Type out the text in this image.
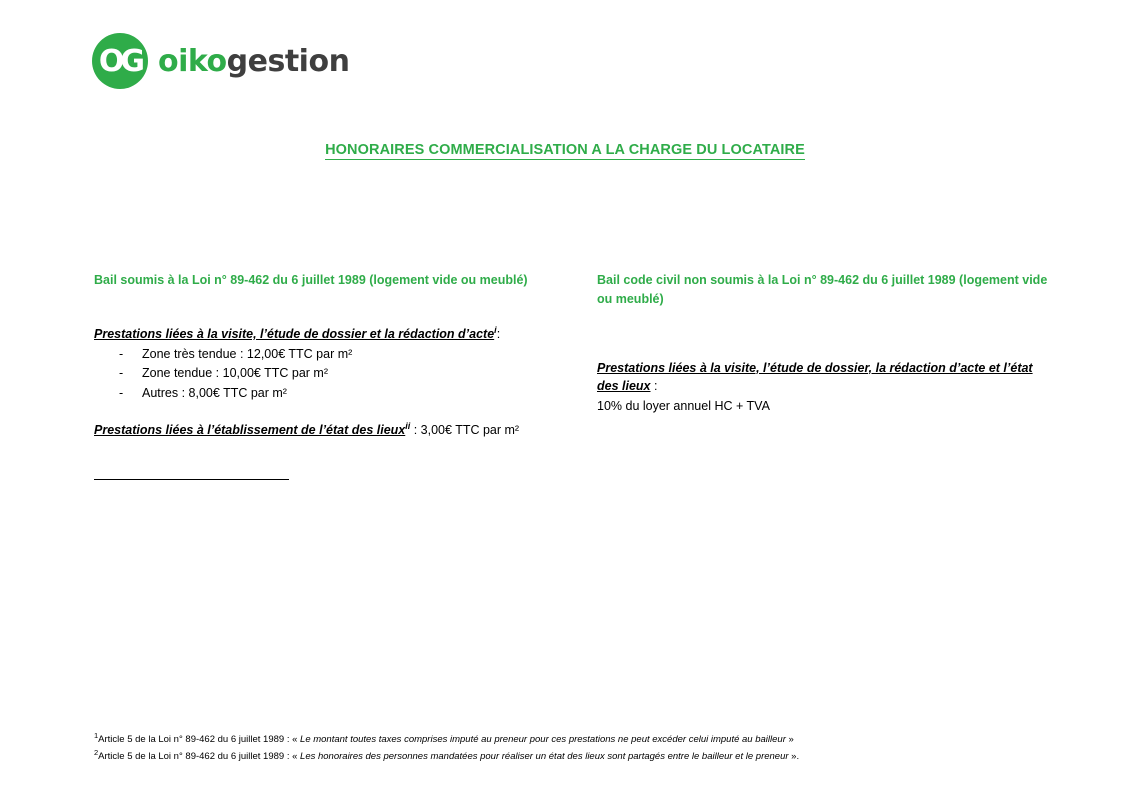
OG oikogestion
HONORAIRES COMMERCIALISATION A LA CHARGE DU LOCATAIRE
Bail soumis à la Loi n° 89-462 du 6 juillet 1989 (logement vide ou meublé)
Prestations liées à la visite, l’étude de dossier et la rédaction d’acte$^i$:
- Zone très tendue : 12,00€ TTC par m²
- Zone tendue : 10,00€ TTC par m²
- Autres : 8,00€ TTC par m²
Prestations liées à l’établissement de l’état des lieux$^{ii}$ : 3,00€ TTC par m²
Bail code civil non soumis à la Loi n° 89-462 du 6 juillet 1989 (logement vide ou meublé)
Prestations liées à la visite, l’étude de dossier, la rédaction d’acte et l’état des lieux :
10% du loyer annuel HC + TVA
$^1$Article 5 de la Loi n° 89-462 du 6 juillet 1989 : « Le montant toutes taxes comprises imputé au preneur pour ces prestations ne peut excéder celui imputé au bailleur »
$^2$Article 5 de la Loi n° 89-462 du 6 juillet 1989 : « Les honoraires des personnes mandatées pour réaliser un état des lieux sont partagés entre le bailleur et le preneur ».
